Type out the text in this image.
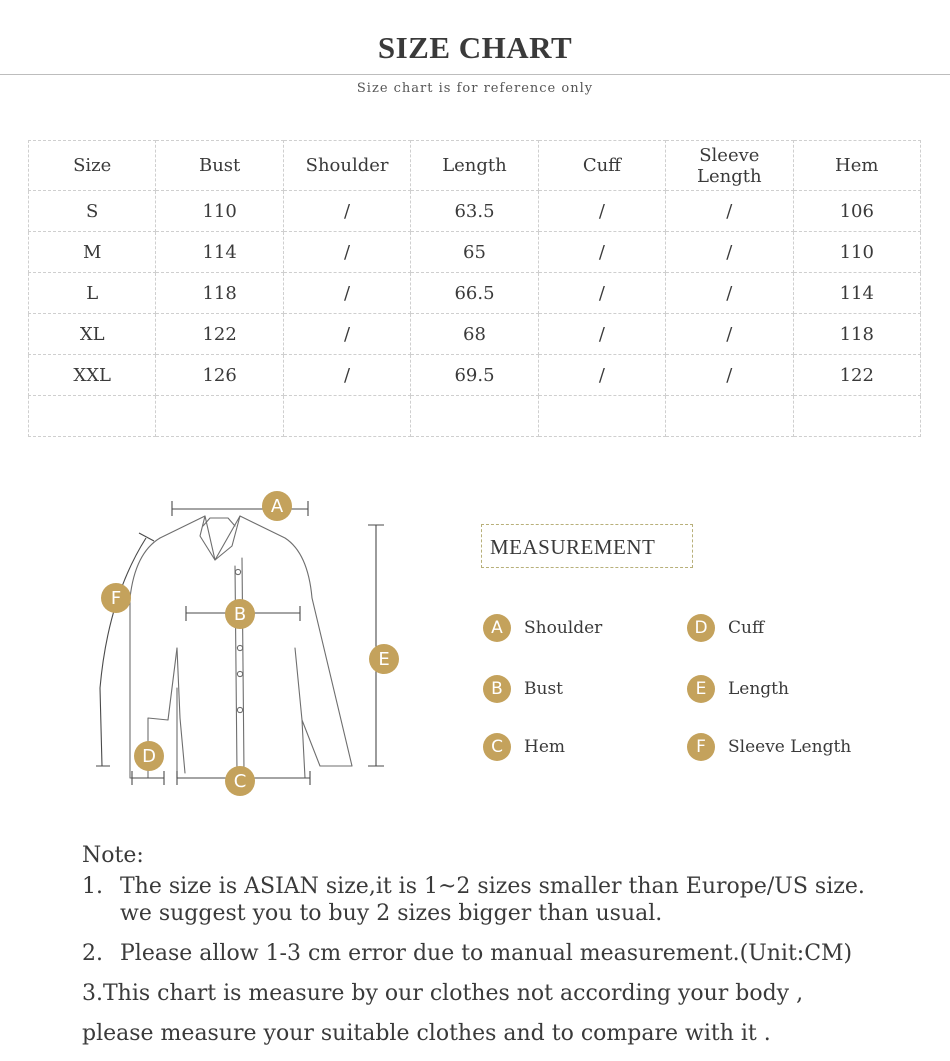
SIZE CHART
Size chart is for reference only
Size	Bust	Shoulder	Length	Cuff	Sleeve Length	Hem
S	110	/	63.5	/	/	106
M	114	/	65	/	/	110
L	118	/	66.5	/	/	114
XL	122	/	68	/	/	118
XXL	126	/	69.5	/	/	122

A
B
C
D
E
F
MEASUREMENT
A	Shoulder	D	Cuff
B	Bust	E	Length
C	Hem	F	Sleeve Length
Note:
1. The size is ASIAN size,it is 1~2 sizes smaller than Europe/US size.
we suggest you to buy 2 sizes bigger than usual.
2. Please allow 1-3 cm error due to manual measurement.(Unit:CM)
3.This chart is measure by our clothes not according your body ,
please measure your suitable clothes and to compare with it .
